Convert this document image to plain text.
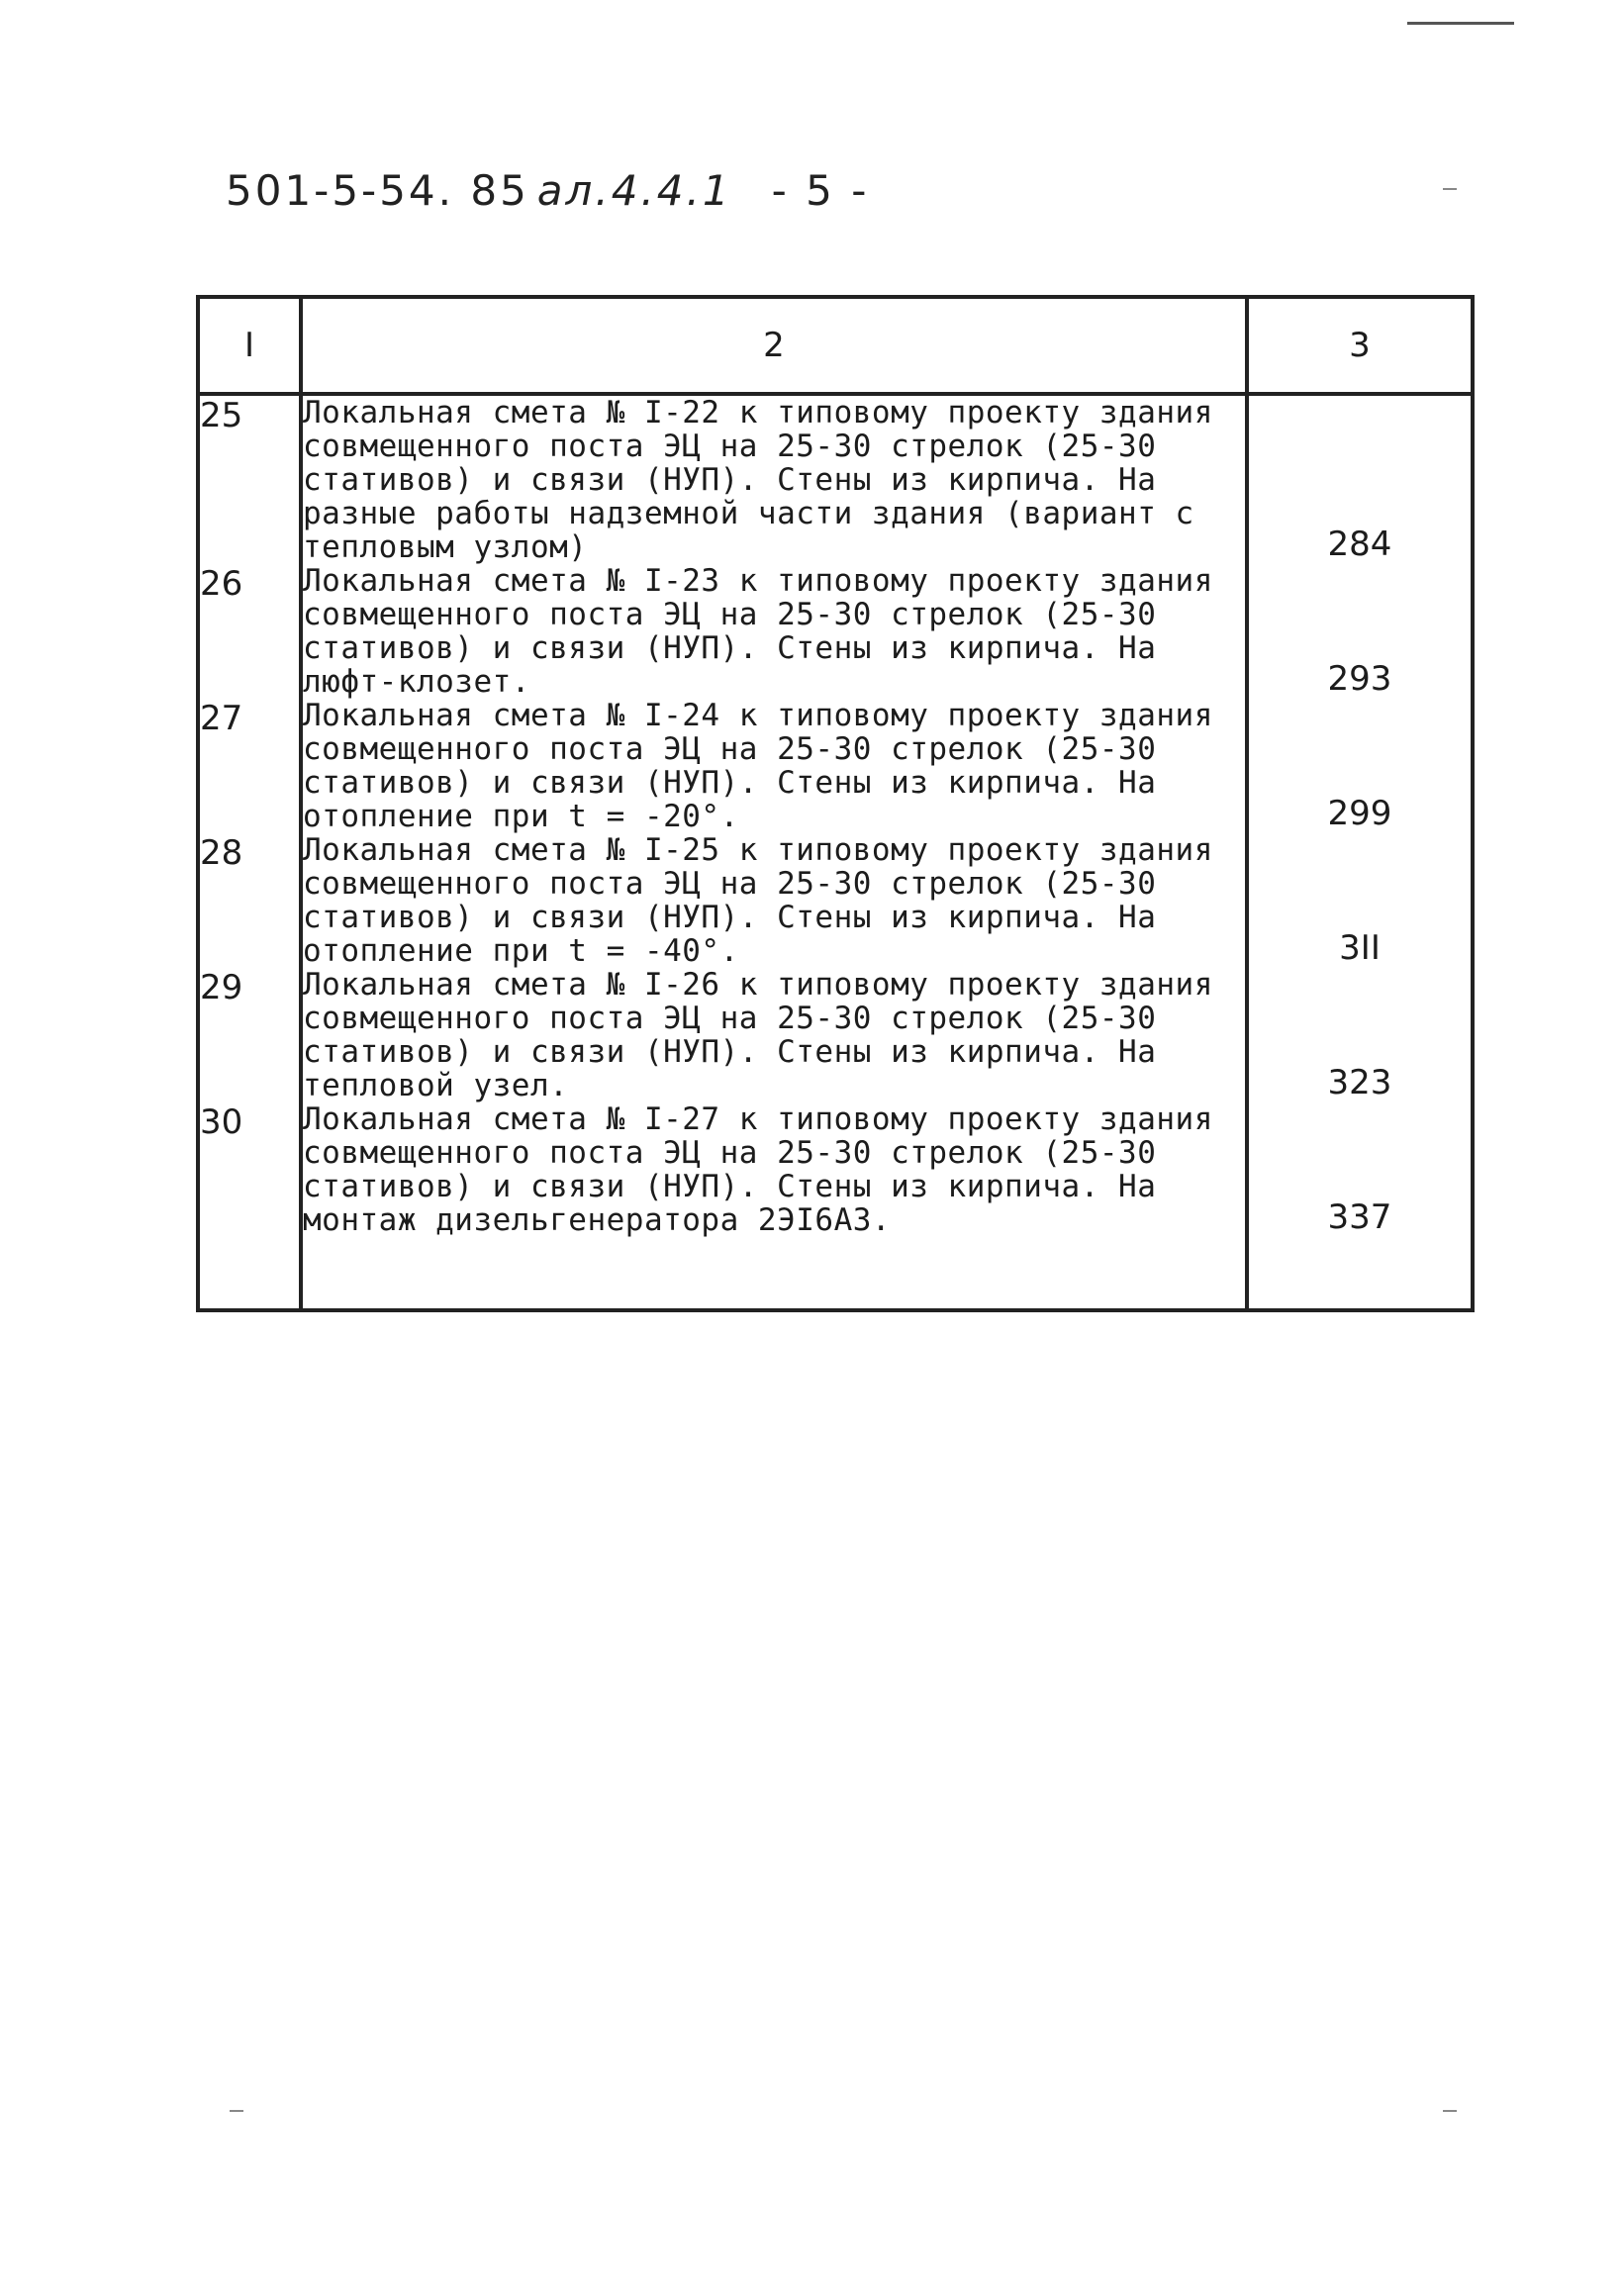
501-5-54. 85 ал.4.4.1 - 5 -
I	2	3
25	Локальная смета № I-22 к типовому проекту здания совмещенного поста ЭЦ на 25-30 стрелок (25-30 стативов) и связи (НУП). Стены из кирпича. На разные работы надземной части здания (вариант с тепловым узлом)	284
26	Локальная смета № I-23 к типовому проекту здания совмещенного поста ЭЦ на 25-30 стрелок (25-30 стативов) и связи (НУП). Стены из кирпича. На люфт-клозет.	293
27	Локальная смета № I-24 к типовому проекту здания совмещенного поста ЭЦ на 25-30 стрелок (25-30 стативов) и связи (НУП). Стены из кирпича. На отопление при t = -20°.	299
28	Локальная смета № I-25 к типовому проекту здания совмещенного поста ЭЦ на 25-30 стрелок (25-30 стативов) и связи (НУП). Стены из кирпича. На отопление при t = -40°.	3II
29	Локальная смета № I-26 к типовому проекту здания совмещенного поста ЭЦ на 25-30 стрелок (25-30 стативов) и связи (НУП). Стены из кирпича. На тепловой узел.	323
30	Локальная смета № I-27 к типовому проекту здания совмещенного поста ЭЦ на 25-30 стрелок (25-30 стативов) и связи (НУП). Стены из кирпича. На монтаж дизельгенератора 2ЭI6АЗ.	337
